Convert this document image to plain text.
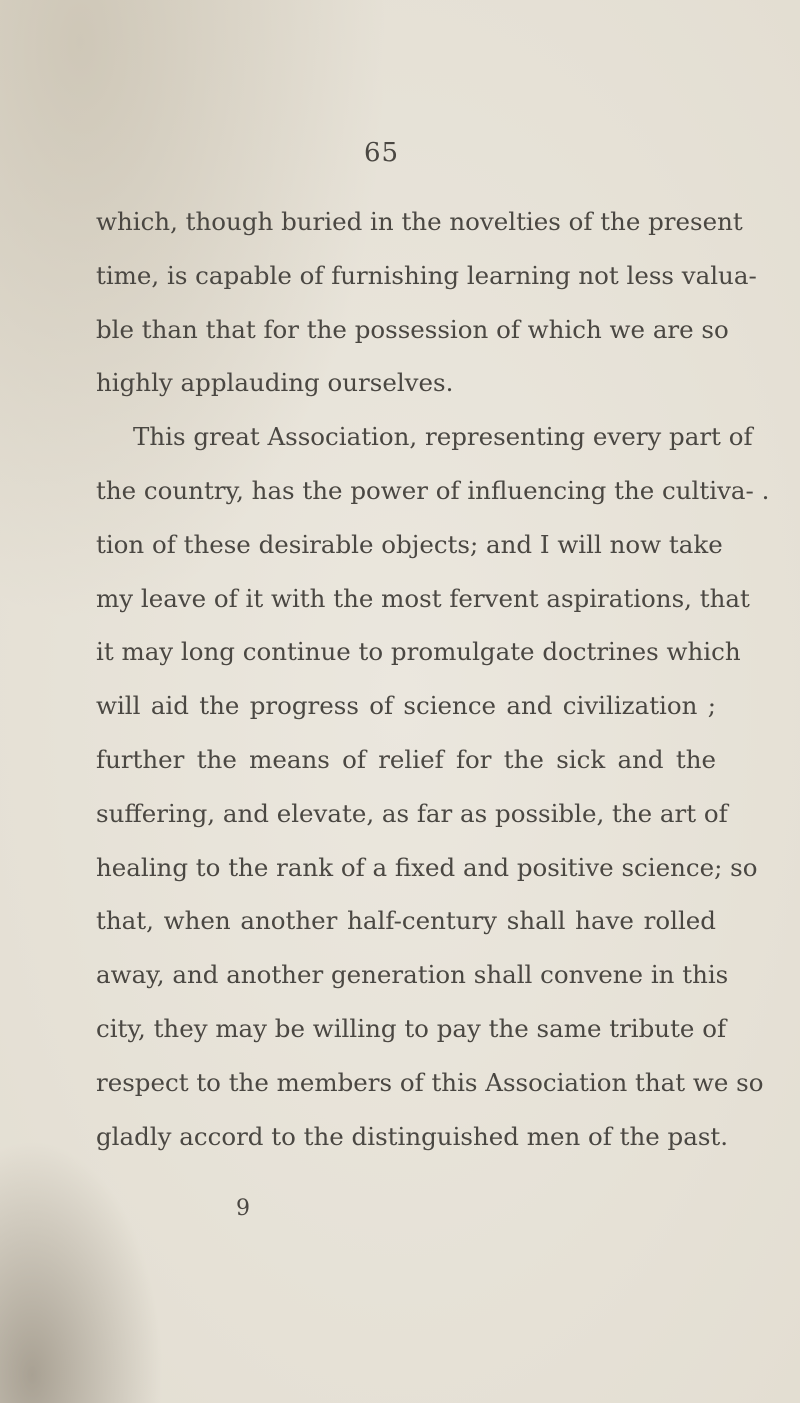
65
which, though buried in the novelties of the present
time, is capable of furnishing learning not less valua-
ble than that for the possession of which we are so
highly applauding ourselves.
This great Association, representing every part of
the country, has the power of influencing the cultiva- .
tion of these desirable objects; and I will now take
my leave of it with the most fervent aspirations, that
it may long continue to promulgate doctrines which
will aid the progress of science and civilization ;
further the means of relief for the sick and the
suffering, and elevate, as far as possible, the art of
healing to the rank of a fixed and positive science; so
that, when another half-century shall have rolled
away, and another generation shall convene in this
city, they may be willing to pay the same tribute of
respect to the members of this Association that we so
gladly accord to the distinguished men of the past.
9
